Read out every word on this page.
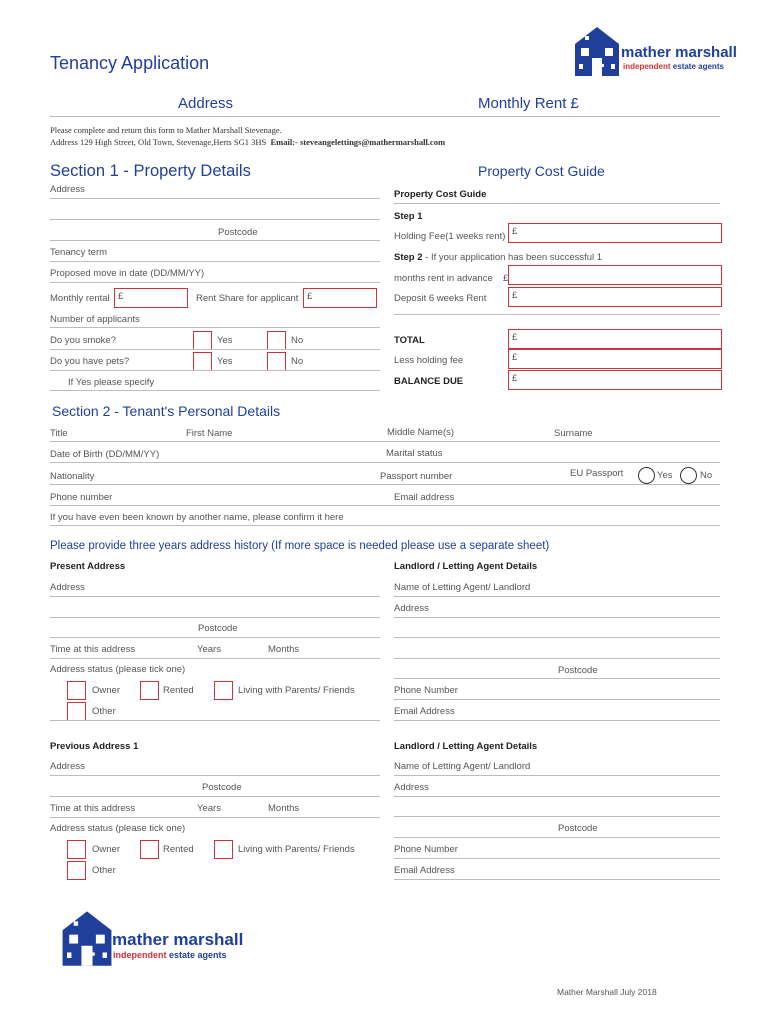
mather marshall
independent estate agents
Tenancy Application
Address	Monthly Rent £
Please complete and return this form to Mather Marshall Stevenage.
Address 129 High Street, Old Town, Stevenage,Herts SG1 3HS Email:- steveangelettings@mathermarshall.com
Section 1 - Property Details
Address
Postcode
Tenancy term
Proposed move in date (DD/MM/YY)
Monthly rental £	Rent Share for applicant £
Number of applicants
Do you smoke?	Yes	No
Do you have pets?	Yes	No
If Yes please specify
Property Cost Guide
Property Cost Guide
Step 1
Holding Fee(1 weeks rent) £
Step 2 - If your application has been successful 1
months rent in advance £
Deposit 6 weeks Rent	£
TOTAL	£
Less holding fee	£
BALANCE DUE	£
Section 2 - Tenant's Personal Details
Title	First Name	Middle Name(s)	Surname
Date of Birth (DD/MM/YY)	Marital status
Nationality	Passport number	EU Passport	Yes	No
Phone number	Email address
If you have even been known by another name, please confirm it here
Please provide three years address history (If more space is needed please use a separate sheet)
Present Address
Address
Postcode
Time at this address	Years	Months
Address status (please tick one)
Owner	Rented	Living with Parents/ Friends
Other
Landlord / Letting Agent Details
Name of Letting Agent/ Landlord
Address
Postcode
Phone Number
Email Address
Previous Address 1
Address
Postcode
Time at this address	Years	Months
Address status (please tick one)
Owner	Rented	Living with Parents/ Friends
Other
Landlord / Letting Agent Details
Name of Letting Agent/ Landlord
Address
Postcode
Phone Number
Email Address
mather marshall
independent estate agents
Mather Marshall July 2018
